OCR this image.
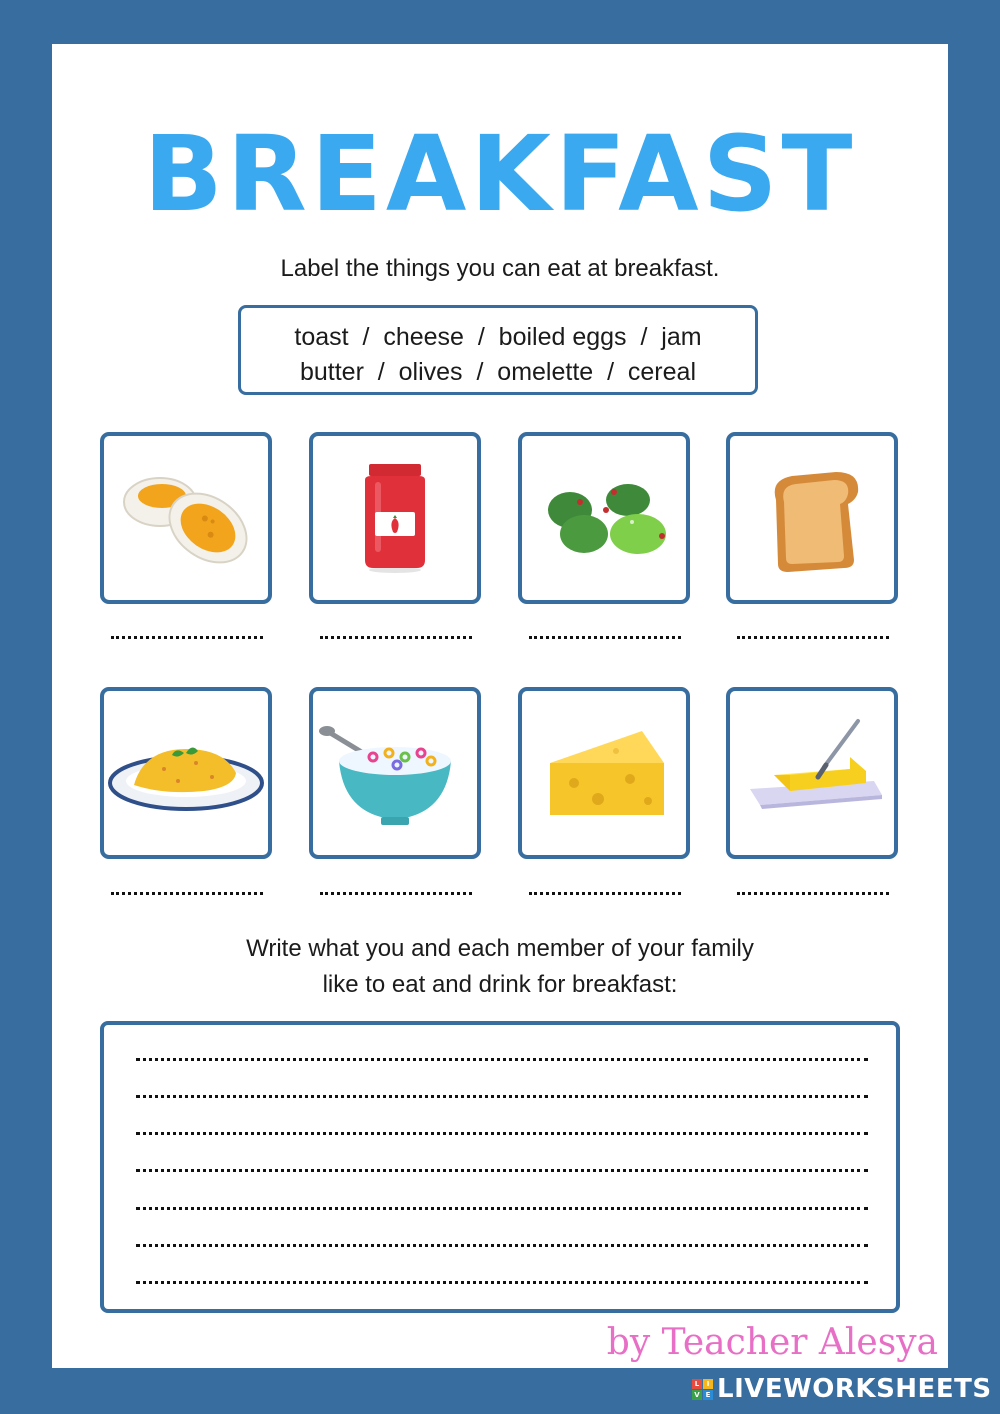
BREAKFAST
Label the things you can eat at breakfast.
toast  /  cheese  /  boiled eggs  /  jam
butter  /  olives  /  omelette  /  cereal
Write what you and each member of your family
like to eat and drink for breakfast:
by Teacher Alesya
L	I
V E LIVEWORKSHEETS
